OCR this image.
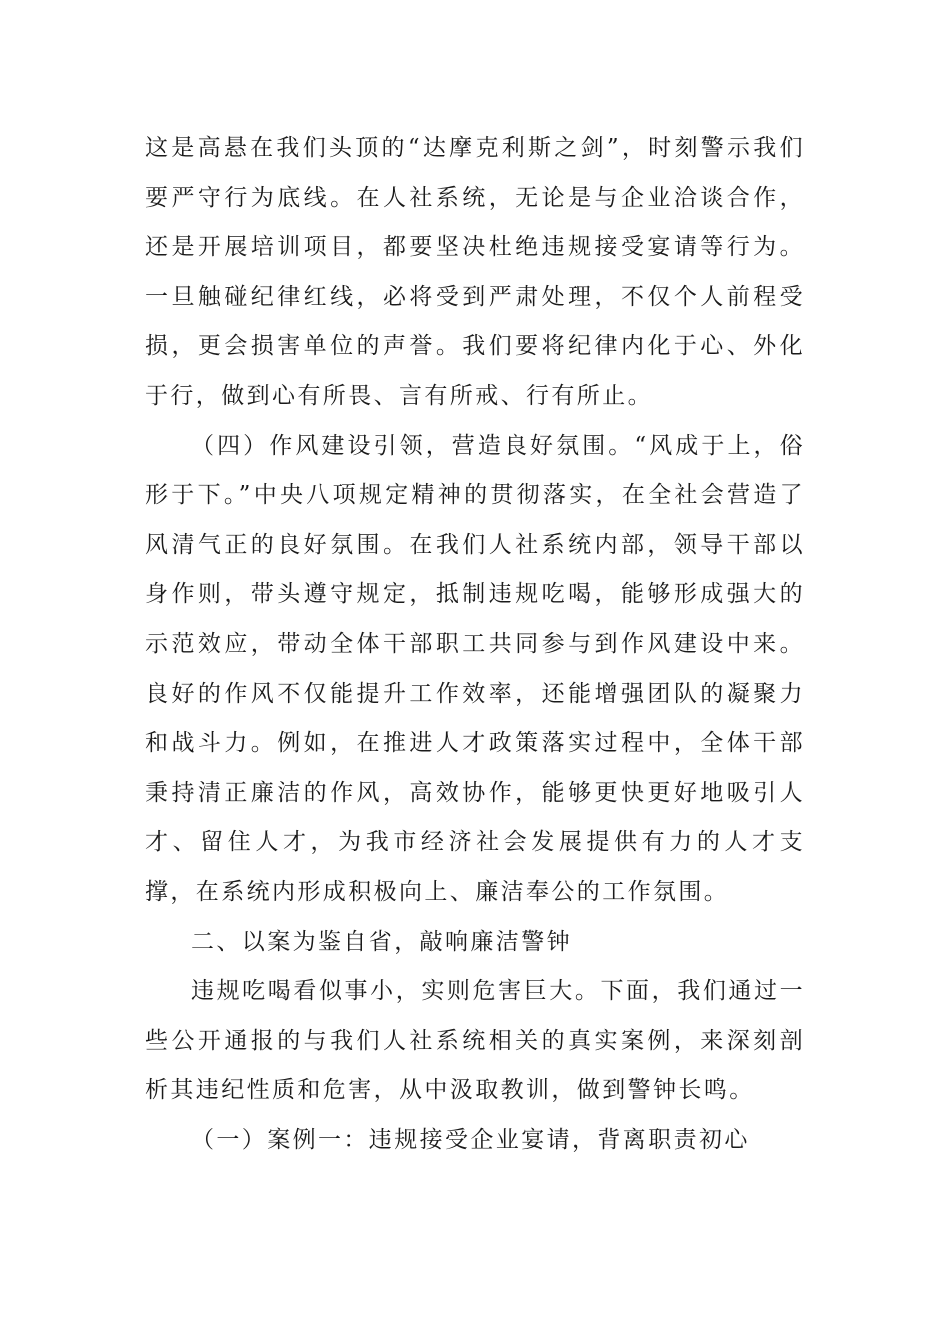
这是高悬在我们头顶的“达摩克利斯之剑”，时刻警示我们要严守行为底线。在人社系统，无论是与企业洽谈合作，还是开展培训项目，都要坚决杜绝违规接受宴请等行为。一旦触碰纪律红线，必将受到严肃处理，不仅个人前程受损，更会损害单位的声誉。我们要将纪律内化于心、外化于行，做到心有所畏、言有所戒、行有所止。

（四）作风建设引领，营造良好氛围。“风成于上，俗形于下。”中央八项规定精神的贯彻落实，在全社会营造了风清气正的良好氛围。在我们人社系统内部，领导干部以身作则，带头遵守规定，抵制违规吃喝，能够形成强大的示范效应，带动全体干部职工共同参与到作风建设中来。良好的作风不仅能提升工作效率，还能增强团队的凝聚力和战斗力。例如，在推进人才政策落实过程中，全体干部秉持清正廉洁的作风，高效协作，能够更快更好地吸引人才、留住人才，为我市经济社会发展提供有力的人才支撑，在系统内形成积极向上、廉洁奉公的工作氛围。

二、以案为鉴自省，敲响廉洁警钟

违规吃喝看似事小，实则危害巨大。下面，我们通过一些公开通报的与我们人社系统相关的真实案例，来深刻剖析其违纪性质和危害，从中汲取教训，做到警钟长鸣。

（一）案例一：违规接受企业宴请，背离职责初心
